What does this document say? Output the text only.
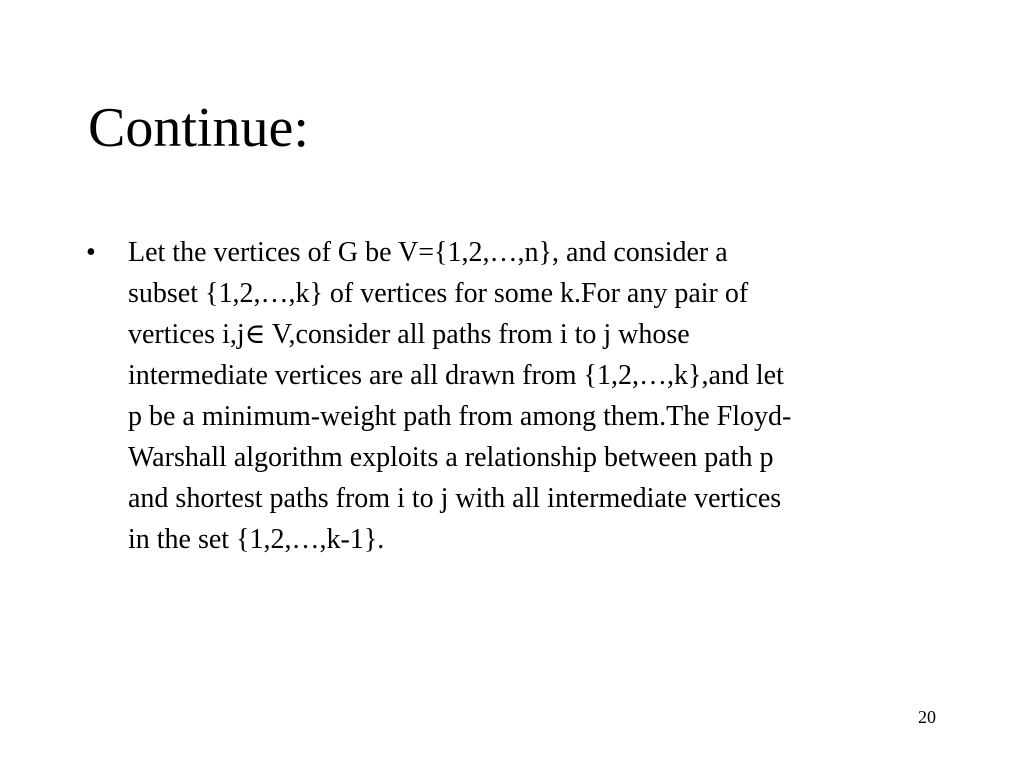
Continue:
•	Let the vertices of G be V={1,2,…,n}, and consider a
subset {1,2,…,k} of vertices for some k.For any pair of
vertices i,j∈ V,consider all paths from i to j whose
intermediate vertices are all drawn from {1,2,…,k},and let
p be a minimum-weight path from among them.The Floyd-
Warshall algorithm exploits a relationship between path p
and shortest paths from i to j with all intermediate vertices
in the set {1,2,…,k-1}.
20
